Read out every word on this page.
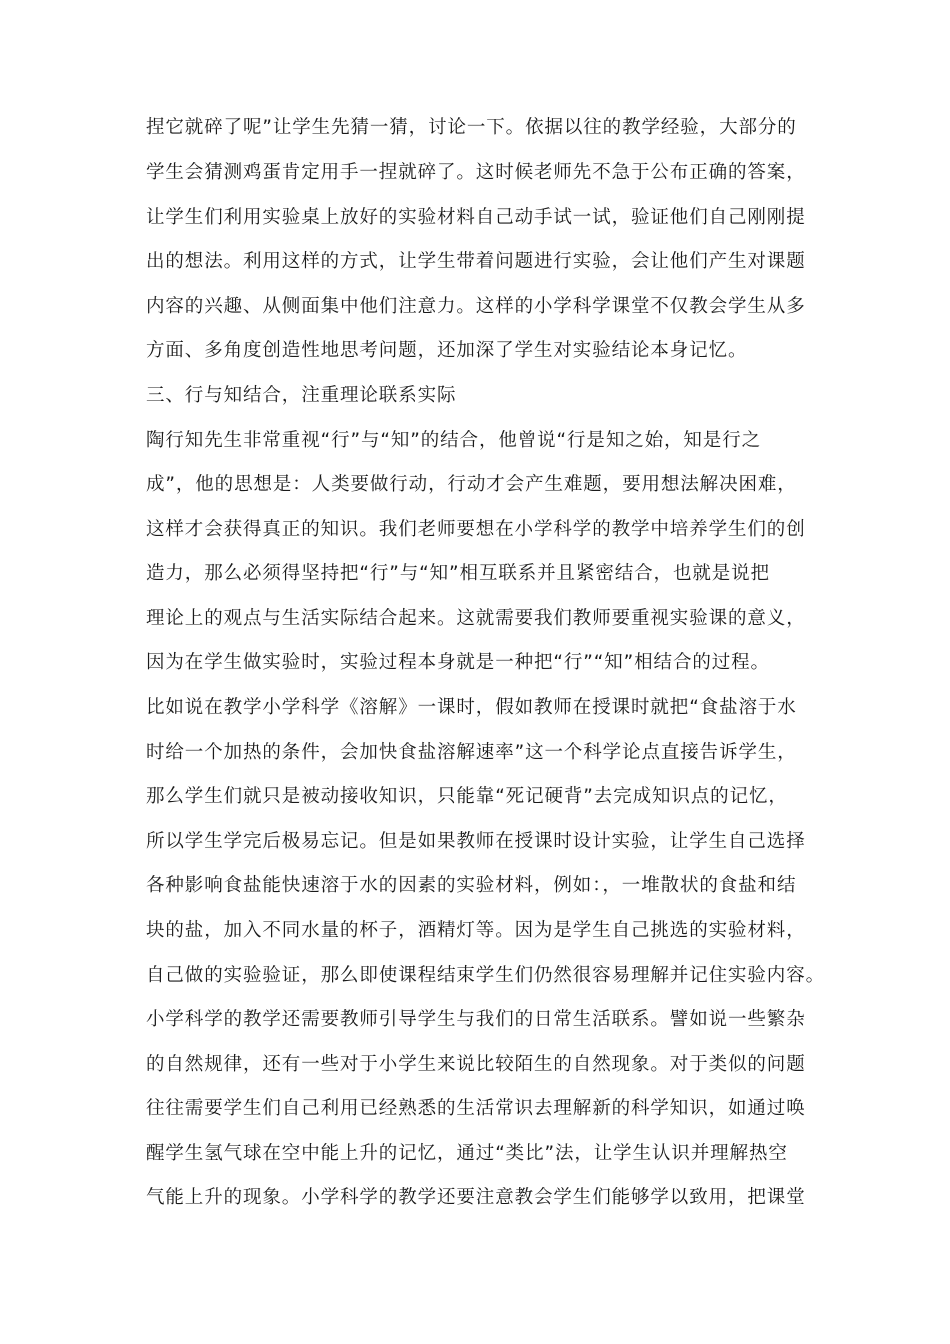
捏它就碎了呢”让学生先猜一猜，讨论一下。依据以往的教学经验，大部分的
学生会猜测鸡蛋肯定用手一捏就碎了。这时候老师先不急于公布正确的答案，
让学生们利用实验桌上放好的实验材料自己动手试一试，验证他们自己刚刚提
出的想法。利用这样的方式，让学生带着问题进行实验，会让他们产生对课题
内容的兴趣、从侧面集中他们注意力。这样的小学科学课堂不仅教会学生从多
方面、多角度创造性地思考问题，还加深了学生对实验结论本身记忆。
三、行与知结合，注重理论联系实际
陶行知先生非常重视“行”与“知”的结合，他曾说“行是知之始，知是行之
成”，他的思想是：人类要做行动，行动才会产生难题，要用想法解决困难，
这样才会获得真正的知识。我们老师要想在小学科学的教学中培养学生们的创
造力，那么必须得坚持把“行”与“知”相互联系并且紧密结合，也就是说把
理论上的观点与生活实际结合起来。这就需要我们教师要重视实验课的意义，
因为在学生做实验时，实验过程本身就是一种把“行”“知”相结合的过程。
比如说在教学小学科学《溶解》一课时，假如教师在授课时就把“食盐溶于水
时给一个加热的条件，会加快食盐溶解速率”这一个科学论点直接告诉学生，
那么学生们就只是被动接收知识，只能靠“死记硬背”去完成知识点的记忆，
所以学生学完后极易忘记。但是如果教师在授课时设计实验，让学生自己选择
各种影响食盐能快速溶于水的因素的实验材料，例如：，一堆散状的食盐和结
块的盐，加入不同水量的杯子，酒精灯等。因为是学生自己挑选的实验材料，
自己做的实验验证，那么即使课程结束学生们仍然很容易理解并记住实验内容。
小学科学的教学还需要教师引导学生与我们的日常生活联系。譬如说一些繁杂
的自然规律，还有一些对于小学生来说比较陌生的自然现象。对于类似的问题
往往需要学生们自己利用已经熟悉的生活常识去理解新的科学知识，如通过唤
醒学生氢气球在空中能上升的记忆，通过“类比”法，让学生认识并理解热空
气能上升的现象。小学科学的教学还要注意教会学生们能够学以致用，把课堂
